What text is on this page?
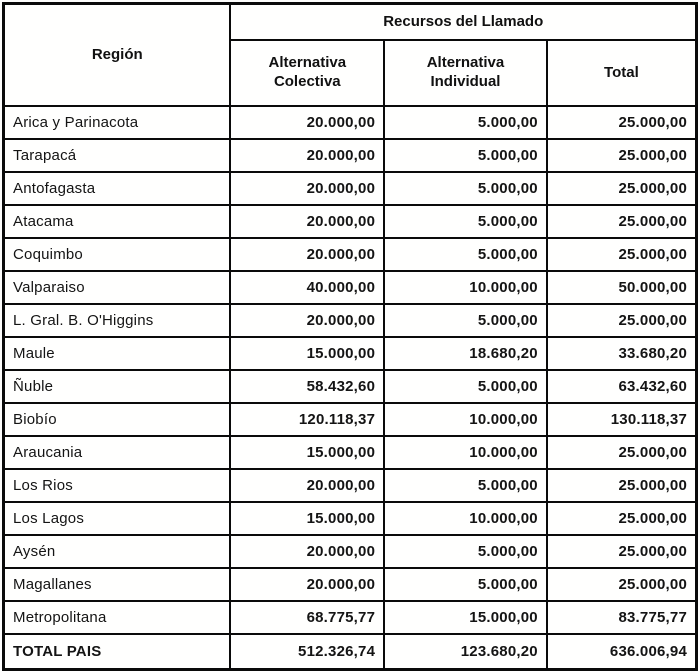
Región	Recursos del Llamado		
	Alternativa Colectiva	Alternativa Individual	Total
Arica y Parinacota	20.000,00	5.000,00	25.000,00
Tarapacá	20.000,00	5.000,00	25.000,00
Antofagasta	20.000,00	5.000,00	25.000,00
Atacama	20.000,00	5.000,00	25.000,00
Coquimbo	20.000,00	5.000,00	25.000,00
Valparaiso	40.000,00	10.000,00	50.000,00
L. Gral. B. O'Higgins	20.000,00	5.000,00	25.000,00
Maule	15.000,00	18.680,20	33.680,20
Ñuble	58.432,60	5.000,00	63.432,60
Biobío	120.118,37	10.000,00	130.118,37
Araucania	15.000,00	10.000,00	25.000,00
Los Rios	20.000,00	5.000,00	25.000,00
Los Lagos	15.000,00	10.000,00	25.000,00
Aysén	20.000,00	5.000,00	25.000,00
Magallanes	20.000,00	5.000,00	25.000,00
Metropolitana	68.775,77	15.000,00	83.775,77
TOTAL PAIS	512.326,74	123.680,20	636.006,94
